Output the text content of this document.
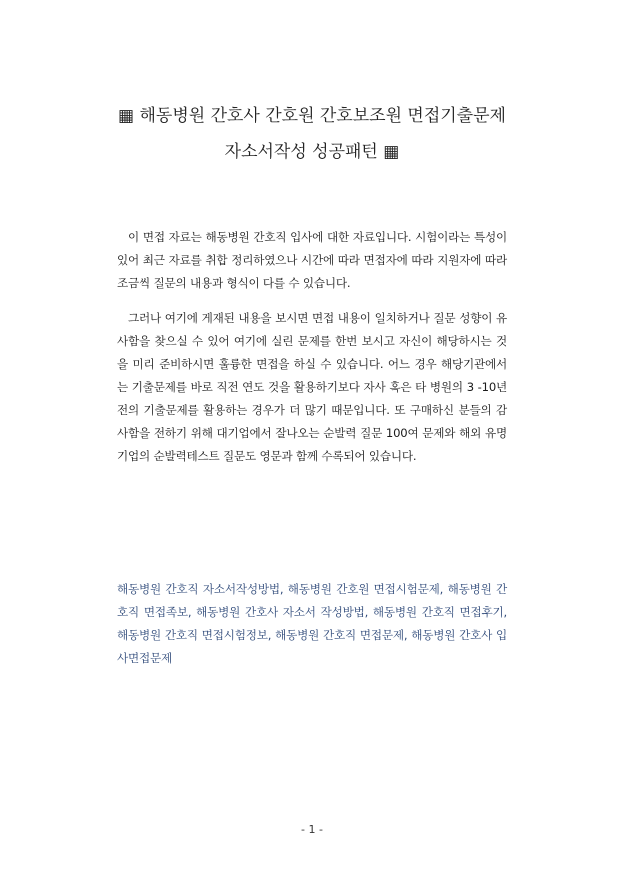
▦ 해동병원 간호사 간호원 간호보조원 면접기출문제
자소서작성 성공패턴 ▦

이 면접 자료는 해동병원 간호직 입사에 대한 자료입니다. 시험이라는 특성이 있어 최근 자료를 취합 정리하였으나 시간에 따라 면접자에 따라 지원자에 따라 조금씩 질문의 내용과 형식이 다를 수 있습니다.

그러나 여기에 게재된 내용을 보시면 면접 내용이 일치하거나 질문 성향이 유사함을 찾으실 수 있어 여기에 실린 문제를 한번 보시고 자신이 해당하시는 것을 미리 준비하시면 훌륭한 면접을 하실 수 있습니다. 어느 경우 해당기관에서는 기출문제를 바로 직전 연도 것을 활용하기보다 자사 혹은 타 병원의 3 -10년 전의 기출문제를 활용하는 경우가 더 많기 때문입니다. 또 구매하신 분들의 감사함을 전하기 위해 대기업에서 잘나오는 순발력 질문 100여 문제와 해외 유명 기업의 순발력테스트 질문도 영문과 함께 수록되어 있습니다.

해동병원 간호직 자소서작성방법, 해동병원 간호원 면접시험문제, 해동병원 간호직 면접족보, 해동병원 간호사 자소서 작성방법, 해동병원 간호직 면접후기, 해동병원 간호직 면접시험정보, 해동병원 간호직 면접문제, 해동병원 간호사 입사면접문제
- 1 -
